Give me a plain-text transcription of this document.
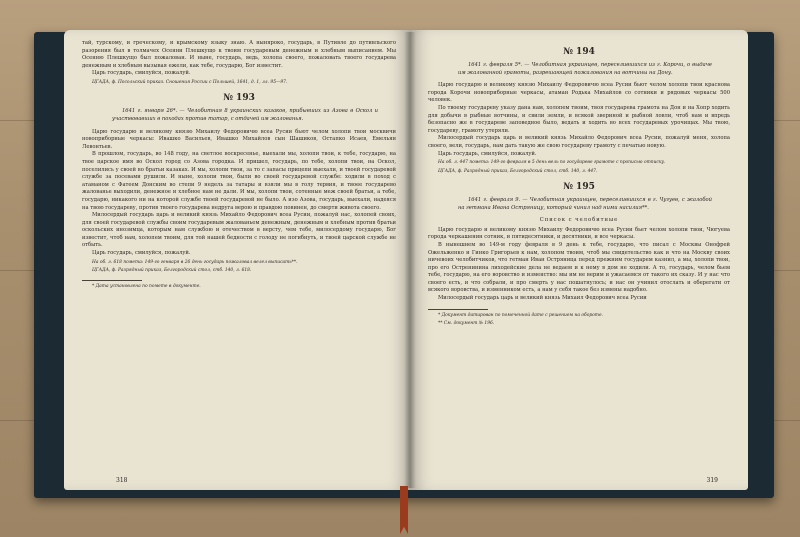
тай, турскому, и греческому, и крымскому языку знаю. А ныняроко, государь, в Путивле до путивльского разорения был в толмачех Осенни Плешкущо к твоим государевым денежным и хлебным выписанием. Мы Осенню Плешкущо был пожалован. И ныне, государь, ведь, холопа своего, пожаловать твоего государева денежным и хлебным вызывая ежели, как тебе, государю, Бог известит.

Царь государь, смилуйся, пожалуй.

ЦГАДА, ф. Посольский приказ. Сношения России с Польшей, 1641, д. 1, лл. 95—97.

№ 193

1641 г. января 26*. — Челобитная 8 украинских казаков, прибывших из Азова в Оскол и участвовавших в походах против татар, с отдачей им жалованья.

Царю государю и великому князю Михаилу Федоровичю всеа Русии бьют челом холопи твои москвичи новоприборные черкасы: Ивашко Васильев, Ивашко Михайлов сын Шашиков, Остапко Исаев, Емельян Левонтьев.

В прошлом, государь, во 148 году, на светлое воскресенье, выехали мы, холопи твои, к тебе, государю, на твое царское имя во Оскол город со Азова городка. И пришел, государь, по тебе, холопи твои, на Оскол, поселились у своей во братьи казаках. И мы, холопи твои, за то с запасы прицепи выехали, и твоей государевой службе за посевами рушили. И ныне, холопи твои, были во своей государевой службе: ходили в поход с атаманом с Фатеем Донским во степи 9 недель за татары и взяли мы в голу тервия, и твоее государево жалованье выходили, денежное и хлебное нам не дали. И мы, холопи твои, сотенные меж своей братьи, а тебе, государю, никакого ни на которой службе твоей государевой не было. А изо Азова, государь, выехали, надеяся на твою государеву, против твоего государева недруга верою и правдою повинен, до смерти живота своего.

Милосердый государь царь и великий князь Михайло Федорович всеа Русии, пожалуй нас, холопей своих, для своей государевой службы своим государевым жалованьем денежным, денежным и хлебным против братьи оскольских инозимца, которым нам службою и отечеством в версту, чем тебе, милосердому государю, Бог известит, чтоб нам, холопем твоим, для той нашей бедности с голоду не погибнуть, и твоей царской службе не отбыть.

Царь государь, смилуйся, пожалуй.

На об. л. 618 помета: 149-го генваря в 26 день государь пожаловал велел выписать**.

ЦГАДА, ф. Разрядный приказ, Белгородский стол, стб. 140, л. 618.

* Дата установлена по помете в документе.

318
№ 194

1641 г. февраля 5*. — Челобитная украинцев, переселившихся из г. Корочи, о выдаче им жалованной грамоты, разрешающей пожалования на вотчины на Дону.

Царю государю и великому князю Михаилу Федоровичю всеа Русии бьют челом холопи твои краснова города Корочи новоприборные черкасы, атаман Родька Михайлов со сотники и рядовых черкасы 500 человек.

По твоему государеву указу дана нам, холопем твоим, твоя государева грамота на Дон и на Хопр ходить для добычи в рыбные вотчины, и свили земли, и всякой звериной и рыбной ловли, чтоб нам и впредь безопасно же в государеве заповедное было, ведать и ходить во всех государевых урочищах. Мы твою, государеву, грамоту утеряли.

Милосердый государь царь и великий князь Михайло Федорович всеа Русии, пожалуй меня, холопа своего, вели, государь, нам дать такую же свою государеву грамоту с печатью новую.

Царь государь, смилуйся, пожалуй.

На об. л. 447 помета: 149-го февраля в 5 день вель по государеве грамоте с прописью отписку.

ЦГАДА, ф. Разрядный приказ, Белгородский стол, стб. 140, л. 447.

№ 195

1641 г. февраля 9. — Челобитная украинцев, переселившихся в г. Чугуев, с жалобой на гетмана Ивана Остряницу, который чинил над ними насилия**.

Список с челобитные

Царю государю и великому князю Михаилу Федоровичю всеа Русии бьет челом холопи твои, Чюгуева города черкашенин сотник, и пятидесятники, и десятники, и все черкасы.

В нынешнем во 149-м году февраля в 9 день к тебе, государю, что писал с Москвы Онофрей Ожельженко и Гинко Григорьев к нам, холопом твоим, чтоб мы свидетельство как и что на Москву своих ничевоих челобитчиков, что гетман Иван Остряница перед прежним государем казнил, а мы, холопи твои, про его Остренинина лиходейские дела не ведаем и к нему в дом не ходили. А то, государь, челом бьем тебе, государю, на его воровство и изменство: мы им не верим и ужасаемся от такого их сказу. И у нас что своего есть, и что собрали, и про смерть у нас пошатнулось; и нас он учинил отослать и оберегати от всякого воровства, и изменником есть, а нам у себя такое без измены надобно.

Милосердый государь царь и великий князь Михаил Федорович всеа Русии

* Документ датирован по помеченной дате с решением на обороте.

** См. документ № 196.

319
